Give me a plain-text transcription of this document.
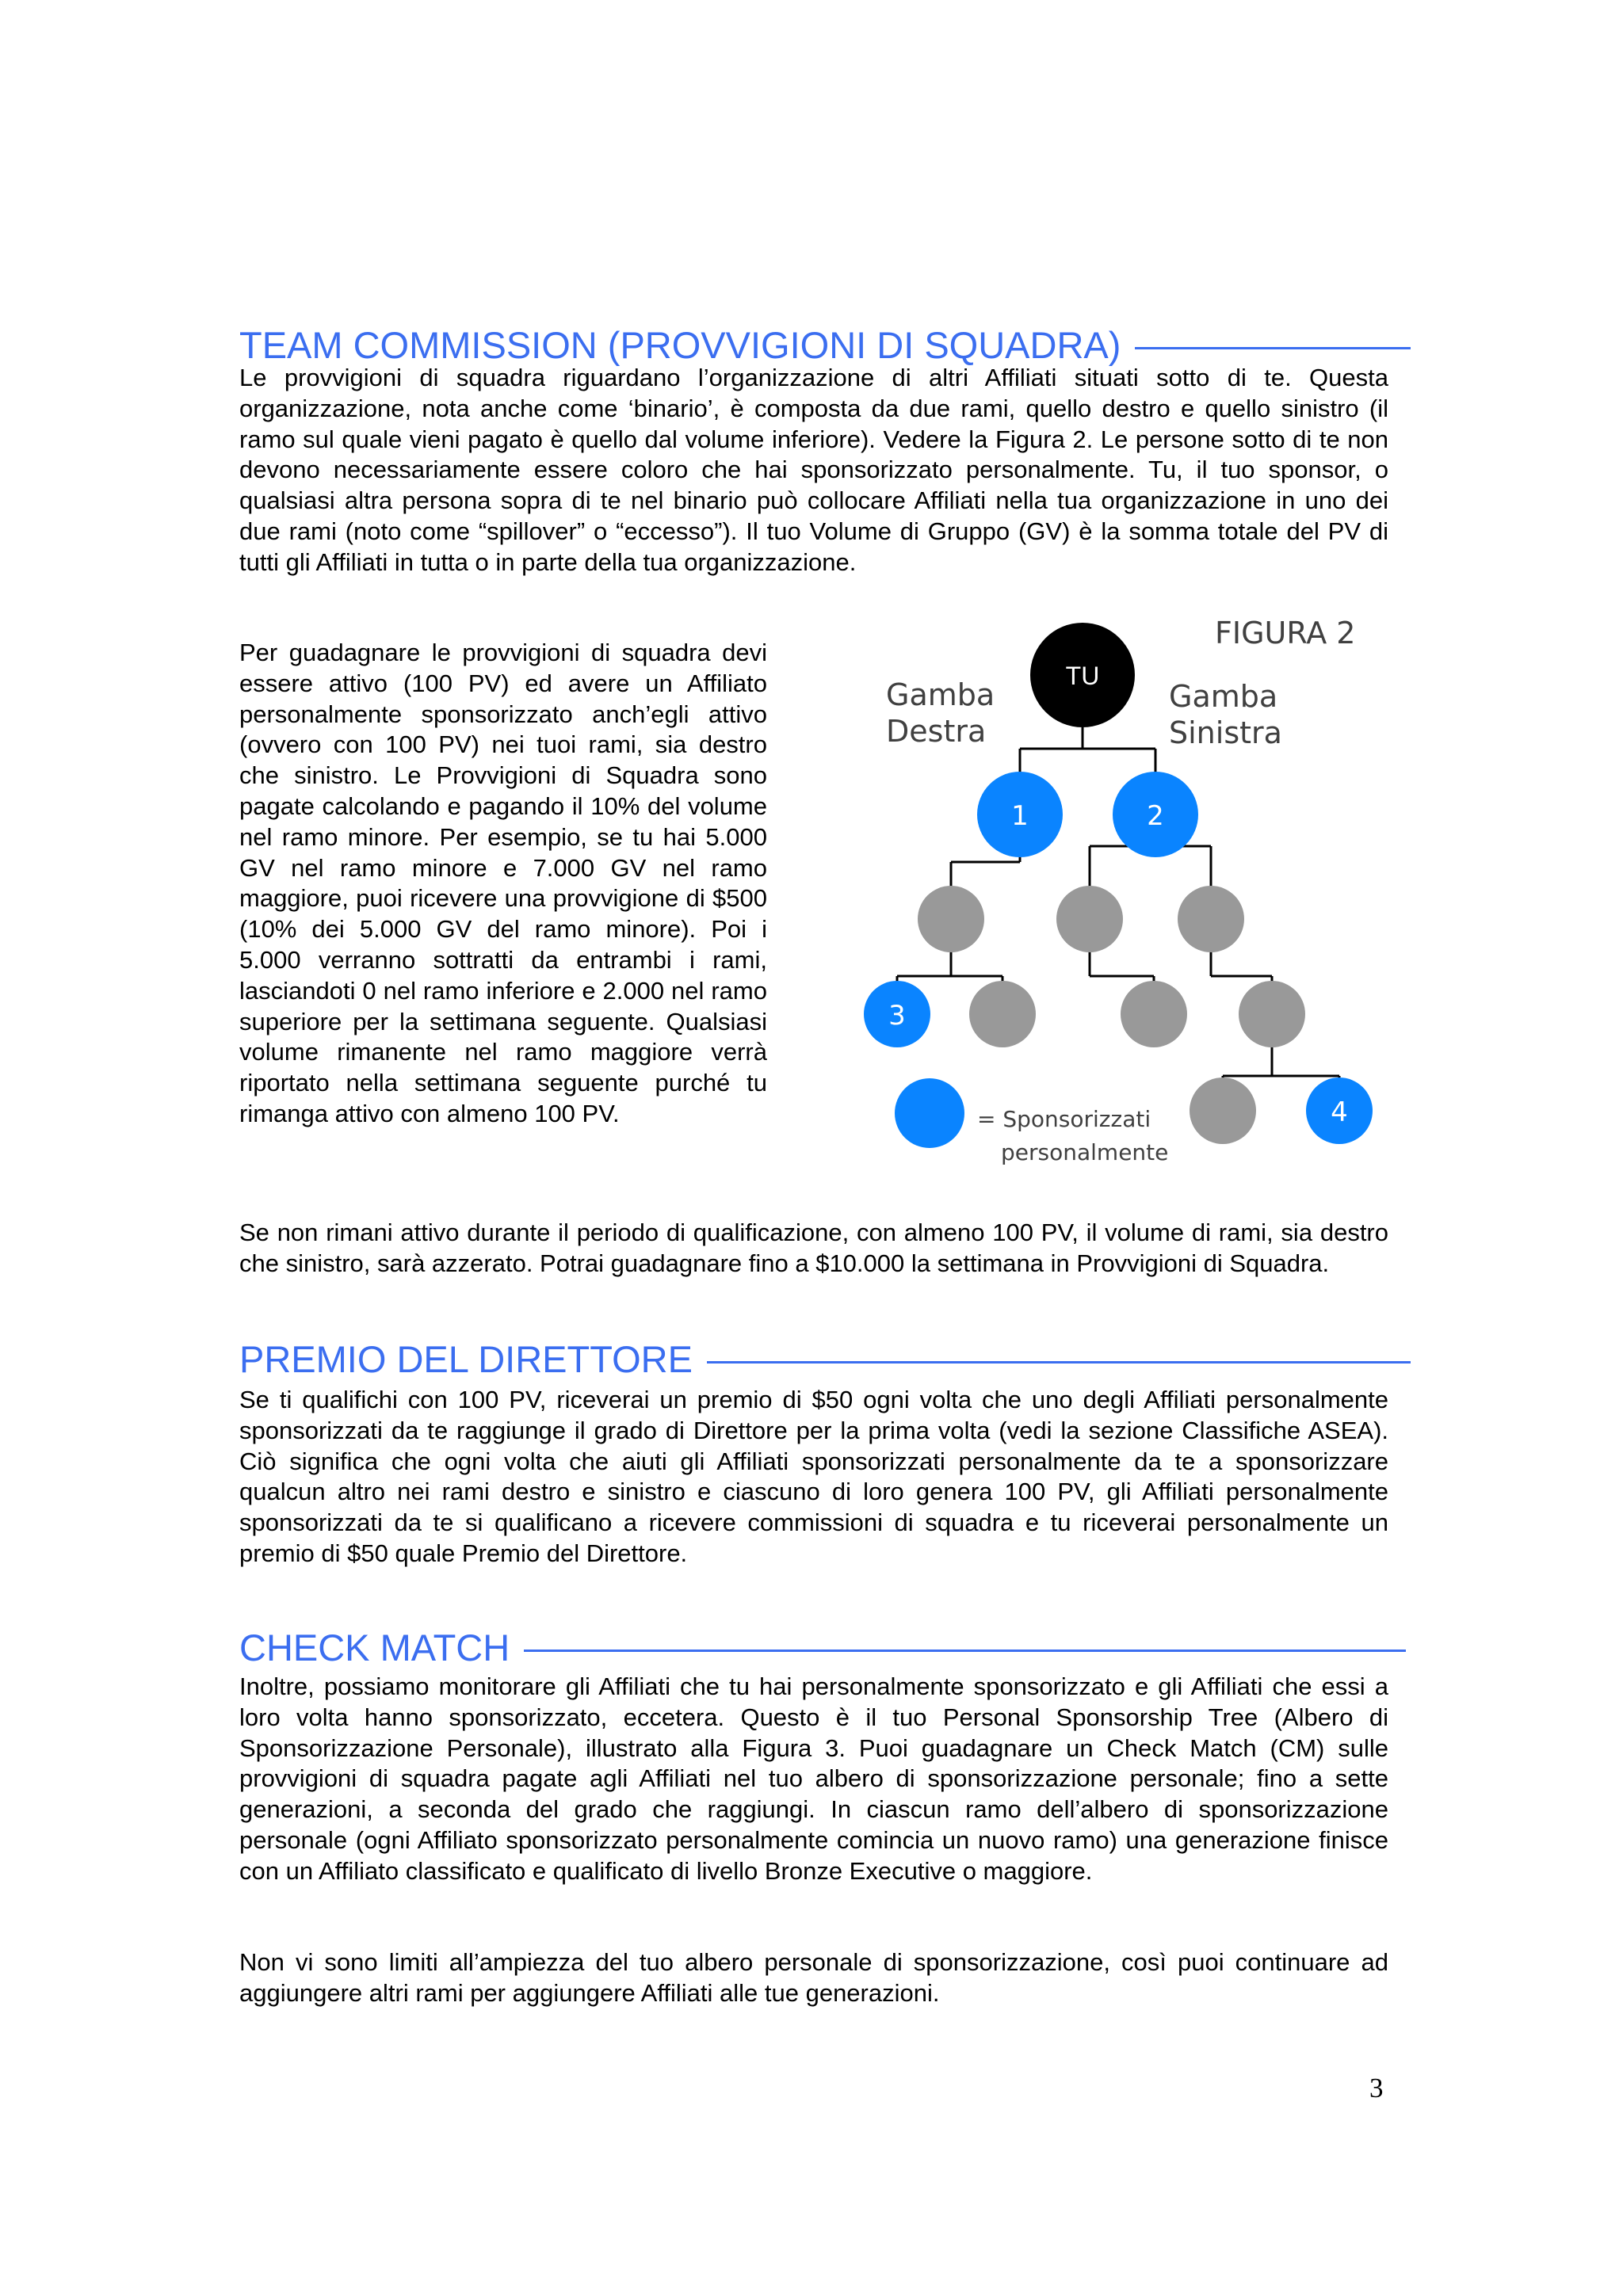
TEAM COMMISSION (PROVVIGIONI DI SQUADRA)

Le provvigioni di squadra riguardano l’organizzazione di altri Affiliati situati sotto di te. Questa organizzazione, nota anche come ‘binario’, è composta da due rami, quello destro e quello sinistro (il ramo sul quale vieni pagato è quello dal volume inferiore). Vedere la Figura 2. Le persone sotto di te non devono necessariamente essere coloro che hai sponsorizzato personalmente. Tu, il tuo sponsor, o qualsiasi altra persona sopra di te nel binario può collocare Affiliati nella tua organizzazione in uno dei due rami (noto come “spillover” o “eccesso”). Il tuo Volume di Gruppo (GV) è la somma totale del PV di tutti gli Affiliati in tutta o in parte della tua organizzazione.

Per guadagnare le provvigioni di squadra devi essere attivo (100 PV) ed avere un Affiliato personalmente sponsorizzato anch’egli attivo (ovvero con 100 PV) nei tuoi rami, sia destro che sinistro. Le Provvigioni di Squadra sono pagate calcolando e pagando il 10% del volume nel ramo minore. Per esempio, se tu hai 5.000 GV nel ramo minore e 7.000 GV nel ramo maggiore, puoi ricevere una provvigione di $500 (10% dei 5.000 GV del ramo minore). Poi i 5.000 verranno sottratti da entrambi i rami, lasciandoti 0 nel ramo inferiore e 2.000 nel ramo superiore per la settimana seguente. Qualsiasi volume rimanente nel ramo maggiore verrà riportato nella settimana seguente purché tu rimanga attivo con almeno 100 PV.

TU
1	2
3
4
FIGURA 2
Gamba
Destra
Gamba
Sinistra
= Sponsorizzati
personalmente

Se non rimani attivo durante il periodo di qualificazione, con almeno 100 PV, il volume di rami, sia destro che sinistro, sarà azzerato. Potrai guadagnare fino a $10.000 la settimana in Provvigioni di Squadra.

PREMIO DEL DIRETTORE

Se ti qualifichi con 100 PV, riceverai un premio di $50 ogni volta che uno degli Affiliati personalmente sponsorizzati da te raggiunge il grado di Direttore per la prima volta (vedi la sezione Classifiche ASEA). Ciò significa che ogni volta che aiuti gli Affiliati sponsorizzati personalmente da te a sponsorizzare qualcun altro nei rami destro e sinistro e ciascuno di loro genera 100 PV, gli Affiliati personalmente sponsorizzati da te si qualificano a ricevere commissioni di squadra e tu riceverai personalmente un premio di $50 quale Premio del Direttore.

CHECK MATCH

Inoltre, possiamo monitorare gli Affiliati che tu hai personalmente sponsorizzato e gli Affiliati che essi a loro volta hanno sponsorizzato, eccetera. Questo è il tuo Personal Sponsorship Tree (Albero di Sponsorizzazione Personale), illustrato alla Figura 3. Puoi guadagnare un Check Match (CM) sulle provvigioni di squadra pagate agli Affiliati nel tuo albero di sponsorizzazione personale; fino a sette generazioni, a seconda del grado che raggiungi. In ciascun ramo dell’albero di sponsorizzazione personale (ogni Affiliato sponsorizzato personalmente comincia un nuovo ramo) una generazione finisce con un Affiliato classificato e qualificato di livello Bronze Executive o maggiore.

Non vi sono limiti all’ampiezza del tuo albero personale di sponsorizzazione, così puoi continuare ad aggiungere altri rami per aggiungere Affiliati alle tue generazioni.

3
